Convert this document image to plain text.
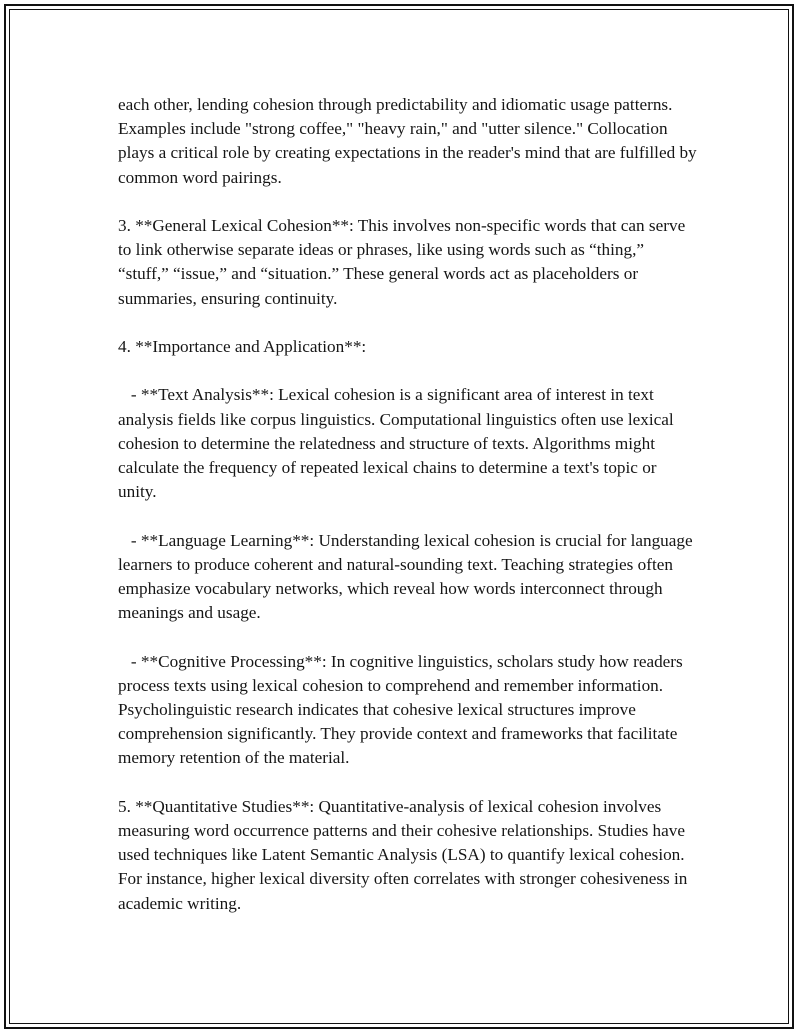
each other, lending cohesion through predictability and idiomatic usage patterns. Examples include "strong coffee," "heavy rain," and "utter silence." Collocation plays a critical role by creating expectations in the reader's mind that are fulfilled by common word pairings.

3. **General Lexical Cohesion**: This involves non-specific words that can serve to link otherwise separate ideas or phrases, like using words such as “thing,” “stuff,” “issue,” and “situation.” These general words act as placeholders or summaries, ensuring continuity.

4. **Importance and Application**:

- **Text Analysis**: Lexical cohesion is a significant area of interest in text analysis fields like corpus linguistics. Computational linguistics often use lexical cohesion to determine the relatedness and structure of texts. Algorithms might calculate the frequency of repeated lexical chains to determine a text's topic or unity.

- **Language Learning**: Understanding lexical cohesion is crucial for language learners to produce coherent and natural-sounding text. Teaching strategies often emphasize vocabulary networks, which reveal how words interconnect through meanings and usage.

- **Cognitive Processing**: In cognitive linguistics, scholars study how readers process texts using lexical cohesion to comprehend and remember information. Psycholinguistic research indicates that cohesive lexical structures improve comprehension significantly. They provide context and frameworks that facilitate memory retention of the material.

5. **Quantitative Studies**: Quantitative-analysis of lexical cohesion involves measuring word occurrence patterns and their cohesive relationships. Studies have used techniques like Latent Semantic Analysis (LSA) to quantify lexical cohesion. For instance, higher lexical diversity often correlates with stronger cohesiveness in academic writing.
